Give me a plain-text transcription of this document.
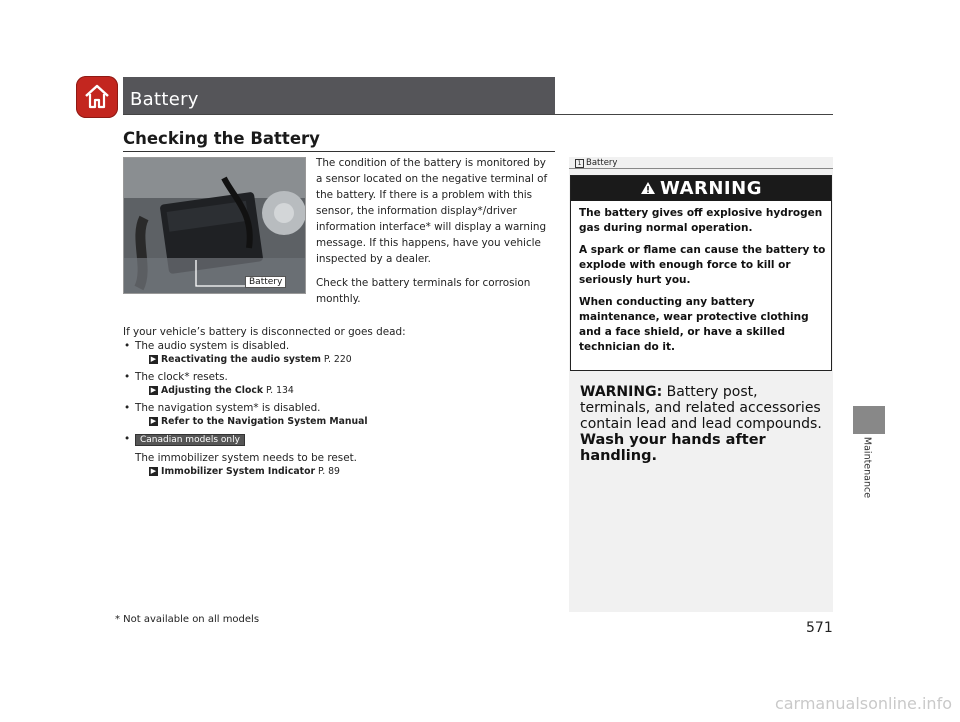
Battery
Checking the Battery
Battery

The condition of the battery is monitored by a sensor located on the negative terminal of the battery. If there is a problem with this sensor, the information display*/driver information interface* will display a warning message. If this happens, have you vehicle inspected by a dealer.

Check the battery terminals for corrosion monthly.

If your vehicle’s battery is disconnected or goes dead:

• The audio system is disabled.
▶ Reactivating the audio system P. 220
• The clock* resets.
▶ Adjusting the Clock P. 134
• The navigation system* is disabled.
▶ Refer to the Navigation System Manual
• Canadian models only
The immobilizer system needs to be reset.
▶ Immobilizer System Indicator P. 89
1 Battery
WARNING

The battery gives off explosive hydrogen gas during normal operation.

A spark or flame can cause the battery to explode with enough force to kill or seriously hurt you.

When conducting any battery maintenance, wear protective clothing and a face shield, or have a skilled technician do it.

WARNING: Battery post, terminals, and related accessories contain lead and lead compounds.
Wash your hands after handling.	Maintenance
* Not available on all models
571
carmanualsonline.info
